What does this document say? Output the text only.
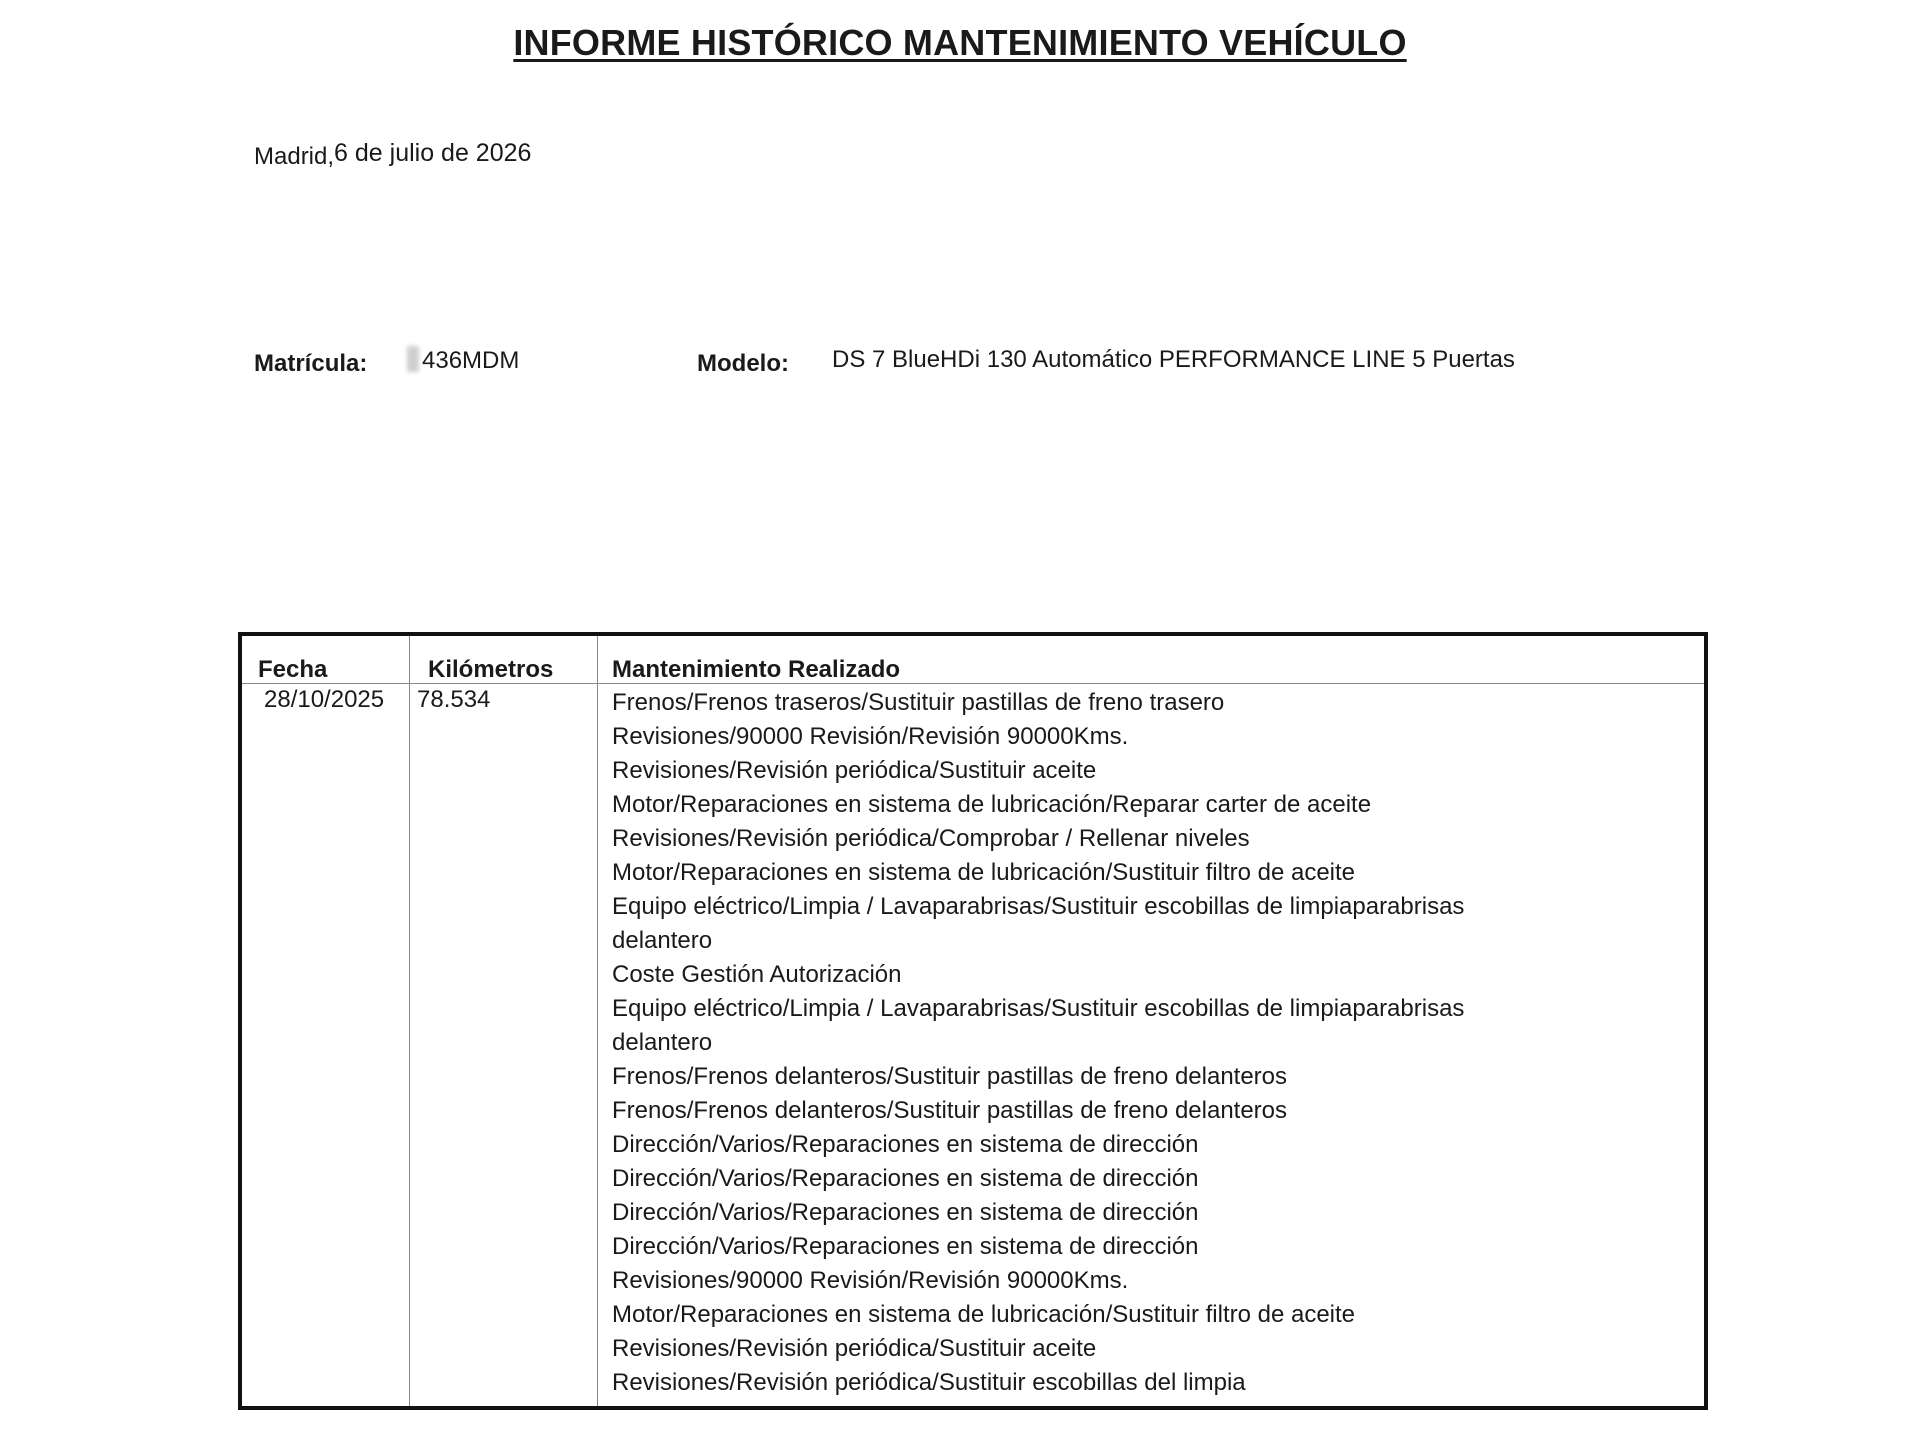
INFORME HISTÓRICO MANTENIMIENTO VEHÍCULO
Madrid,6 de julio de 2026
Matrícula:	436MDM	Modelo: DS 7 BlueHDi 130 Automático PERFORMANCE LINE 5 Puertas
Fecha	Kilómetros Mantenimiento Realizado
28/10/2025 78.534	Frenos/Frenos traseros/Sustituir pastillas de freno trasero
Revisiones/90000 Revisión/Revisión 90000Kms.
Revisiones/Revisión periódica/Sustituir aceite
Motor/Reparaciones en sistema de lubricación/Reparar carter de aceite
Revisiones/Revisión periódica/Comprobar / Rellenar niveles
Motor/Reparaciones en sistema de lubricación/Sustituir filtro de aceite
Equipo eléctrico/Limpia / Lavaparabrisas/Sustituir escobillas de limpiaparabrisas
delantero
Coste Gestión Autorización
Equipo eléctrico/Limpia / Lavaparabrisas/Sustituir escobillas de limpiaparabrisas
delantero
Frenos/Frenos delanteros/Sustituir pastillas de freno delanteros
Frenos/Frenos delanteros/Sustituir pastillas de freno delanteros
Dirección/Varios/Reparaciones en sistema de dirección
Dirección/Varios/Reparaciones en sistema de dirección
Dirección/Varios/Reparaciones en sistema de dirección
Dirección/Varios/Reparaciones en sistema de dirección
Revisiones/90000 Revisión/Revisión 90000Kms.
Motor/Reparaciones en sistema de lubricación/Sustituir filtro de aceite
Revisiones/Revisión periódica/Sustituir aceite
Revisiones/Revisión periódica/Sustituir escobillas del limpia
